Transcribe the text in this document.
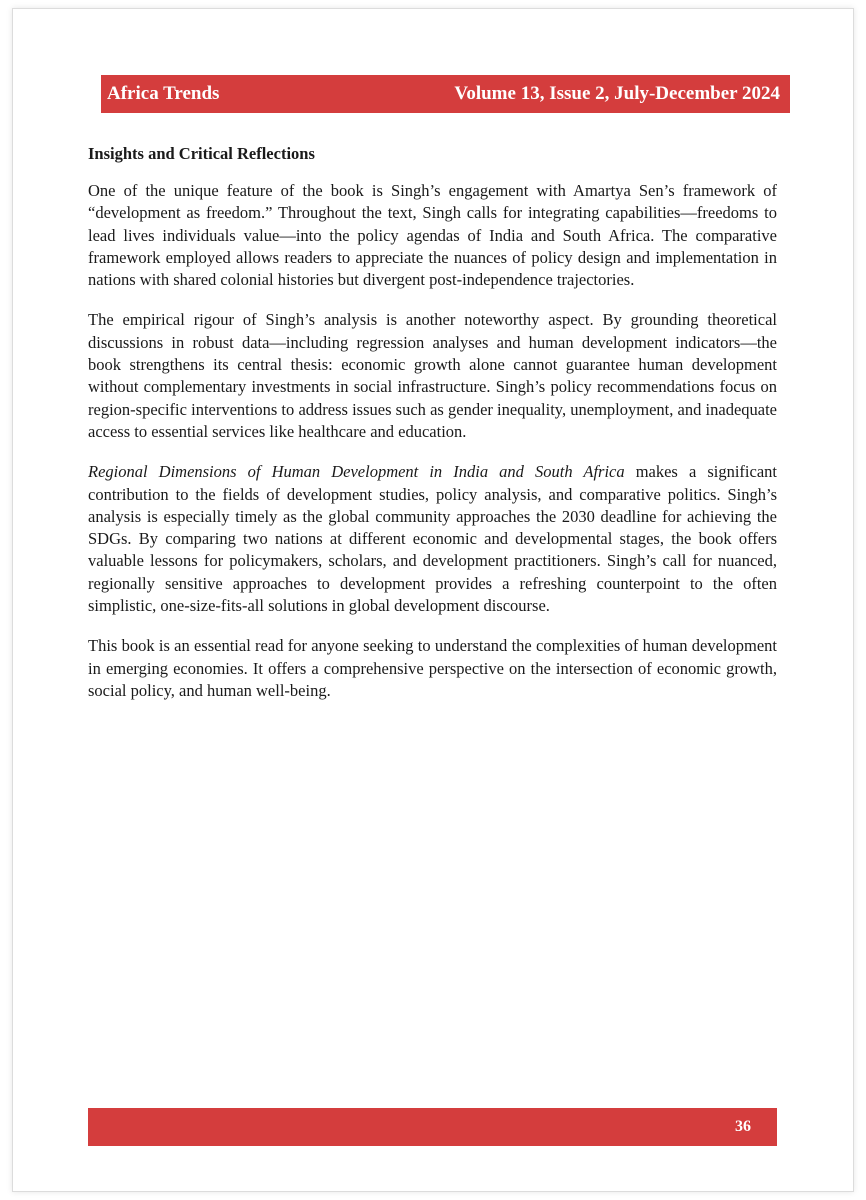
Africa Trends	Volume 13, Issue 2, July-December 2024
Insights and Critical Reflections

One of the unique feature of the book is Singh’s engagement with Amartya Sen’s framework of “development as freedom.” Throughout the text, Singh calls for integrating capabilities—freedoms to lead lives individuals value—into the policy agendas of India and South Africa. The comparative framework employed allows readers to appreciate the nuances of policy design and implementation in nations with shared colonial histories but divergent post-independence trajectories.

The empirical rigour of Singh’s analysis is another noteworthy aspect. By grounding theoretical discussions in robust data—including regression analyses and human development indicators—the book strengthens its central thesis: economic growth alone cannot guarantee human development without complementary investments in social infrastructure. Singh’s policy recommendations focus on region-specific interventions to address issues such as gender inequality, unemployment, and inadequate access to essential services like healthcare and education.

Regional Dimensions of Human Development in India and South Africa makes a significant contribution to the fields of development studies, policy analysis, and comparative politics. Singh’s analysis is especially timely as the global community approaches the 2030 deadline for achieving the SDGs. By comparing two nations at different economic and developmental stages, the book offers valuable lessons for policymakers, scholars, and development practitioners. Singh’s call for nuanced, regionally sensitive approaches to development provides a refreshing counterpoint to the often simplistic, one-size-fits-all solutions in global development discourse.

This book is an essential read for anyone seeking to understand the complexities of human development in emerging economies. It offers a comprehensive perspective on the intersection of economic growth, social policy, and human well-being.

36
